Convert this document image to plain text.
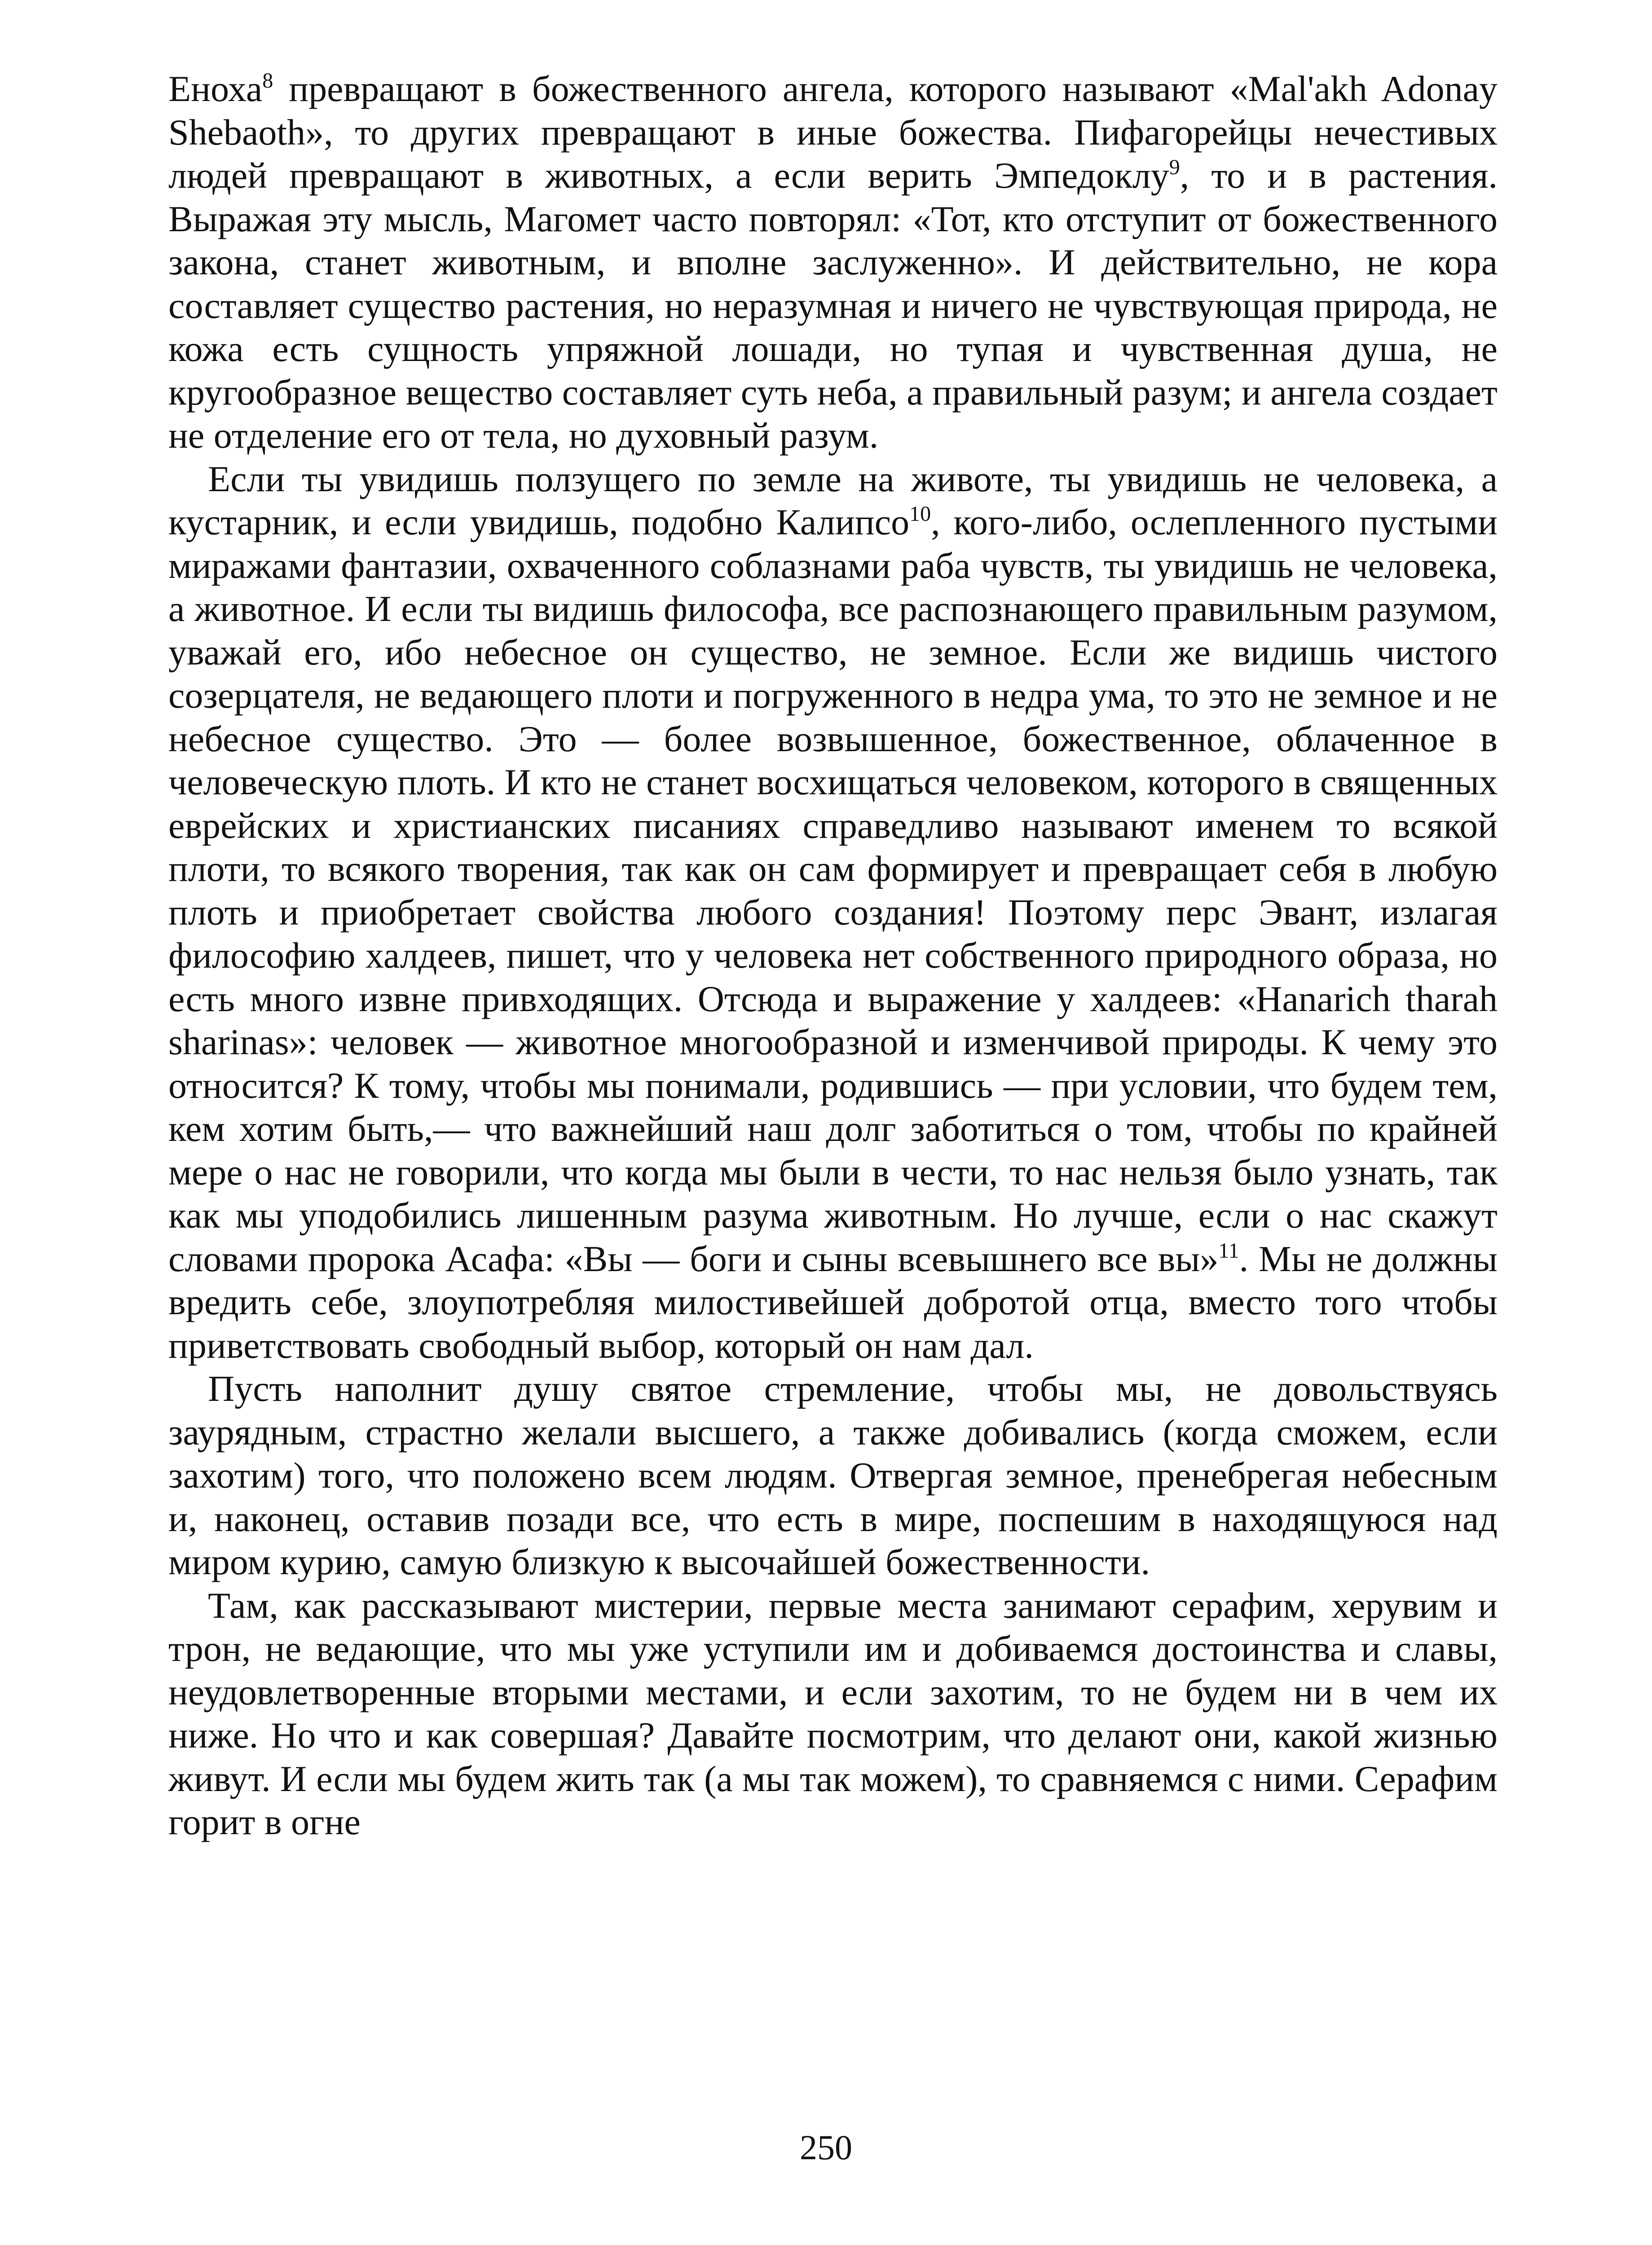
Еноха$^8$ превращают в божественного ангела, которого называют «Mal'akh Adonay Shebaoth», то других превращают в иные божества. Пифагорейцы нечестивых людей превращают в животных, а если верить Эмпедоклу$^9$, то и в растения. Выражая эту мысль, Магомет часто повторял: «Тот, кто отступит от божественного закона, станет животным, и вполне заслуженно». И действительно, не кора составляет существо растения, но неразумная и ничего не чувствующая природа, не кожа есть сущность упряжной лошади, но тупая и чувственная душа, не кругообразное вещество составляет суть неба, а правильный разум; и ангела создает не отделение его от тела, но духовный разум.

Если ты увидишь ползущего по земле на животе, ты увидишь не человека, а кустарник, и если увидишь, подобно Калипсо$^{10}$, кого-либо, ослепленного пустыми миражами фантазии, охваченного соблазнами раба чувств, ты увидишь не человека, а животное. И если ты видишь философа, все распознающего правильным разумом, уважай его, ибо небесное он существо, не земное. Если же видишь чистого созерцателя, не ведающего плоти и погруженного в недра ума, то это не земное и не небесное существо. Это — более возвышенное, божественное, облаченное в человеческую плоть. И кто не станет восхищаться человеком, которого в священных еврейских и христианских писаниях справедливо называют именем то всякой плоти, то всякого творения, так как он сам формирует и превращает себя в любую плоть и приобретает свойства любого создания! Поэтому перс Эвант, излагая философию халдеев, пишет, что у человека нет собственного природного образа, но есть много извне привходящих. Отсюда и выражение у халдеев: «Hanarich tharah sharinas»: человек — животное многообразной и изменчивой природы. К чему это относится? К тому, чтобы мы понимали, родившись — при условии, что будем тем, кем хотим быть,— что важнейший наш долг заботиться о том, чтобы по крайней мере о нас не говорили, что когда мы были в чести, то нас нельзя было узнать, так как мы уподобились лишенным разума животным. Но лучше, если о нас скажут словами пророка Асафа: «Вы — боги и сыны всевышнего все вы»$^{11}$. Мы не должны вредить себе, злоупотребляя милостивейшей добротой отца, вместо того чтобы приветствовать свободный выбор, который он нам дал.

Пусть наполнит душу святое стремление, чтобы мы, не довольствуясь заурядным, страстно желали высшего, а также добивались (когда сможем, если захотим) того, что положено всем людям. Отвергая земное, пренебрегая небесным и, наконец, оставив позади все, что есть в мире, поспешим в находящуюся над миром курию, самую близкую к высочайшей божественности.

Там, как рассказывают мистерии, первые места занимают серафим, херувим и трон, не ведающие, что мы уже уступили им и добиваемся достоинства и славы, неудовлетворенные вторыми местами, и если захотим, то не будем ни в чем их ниже. Но что и как совершая? Давайте посмотрим, что делают они, какой жизнью живут. И если мы будем жить так (а мы так можем), то сравняемся с ними. Серафим горит в огне

250
